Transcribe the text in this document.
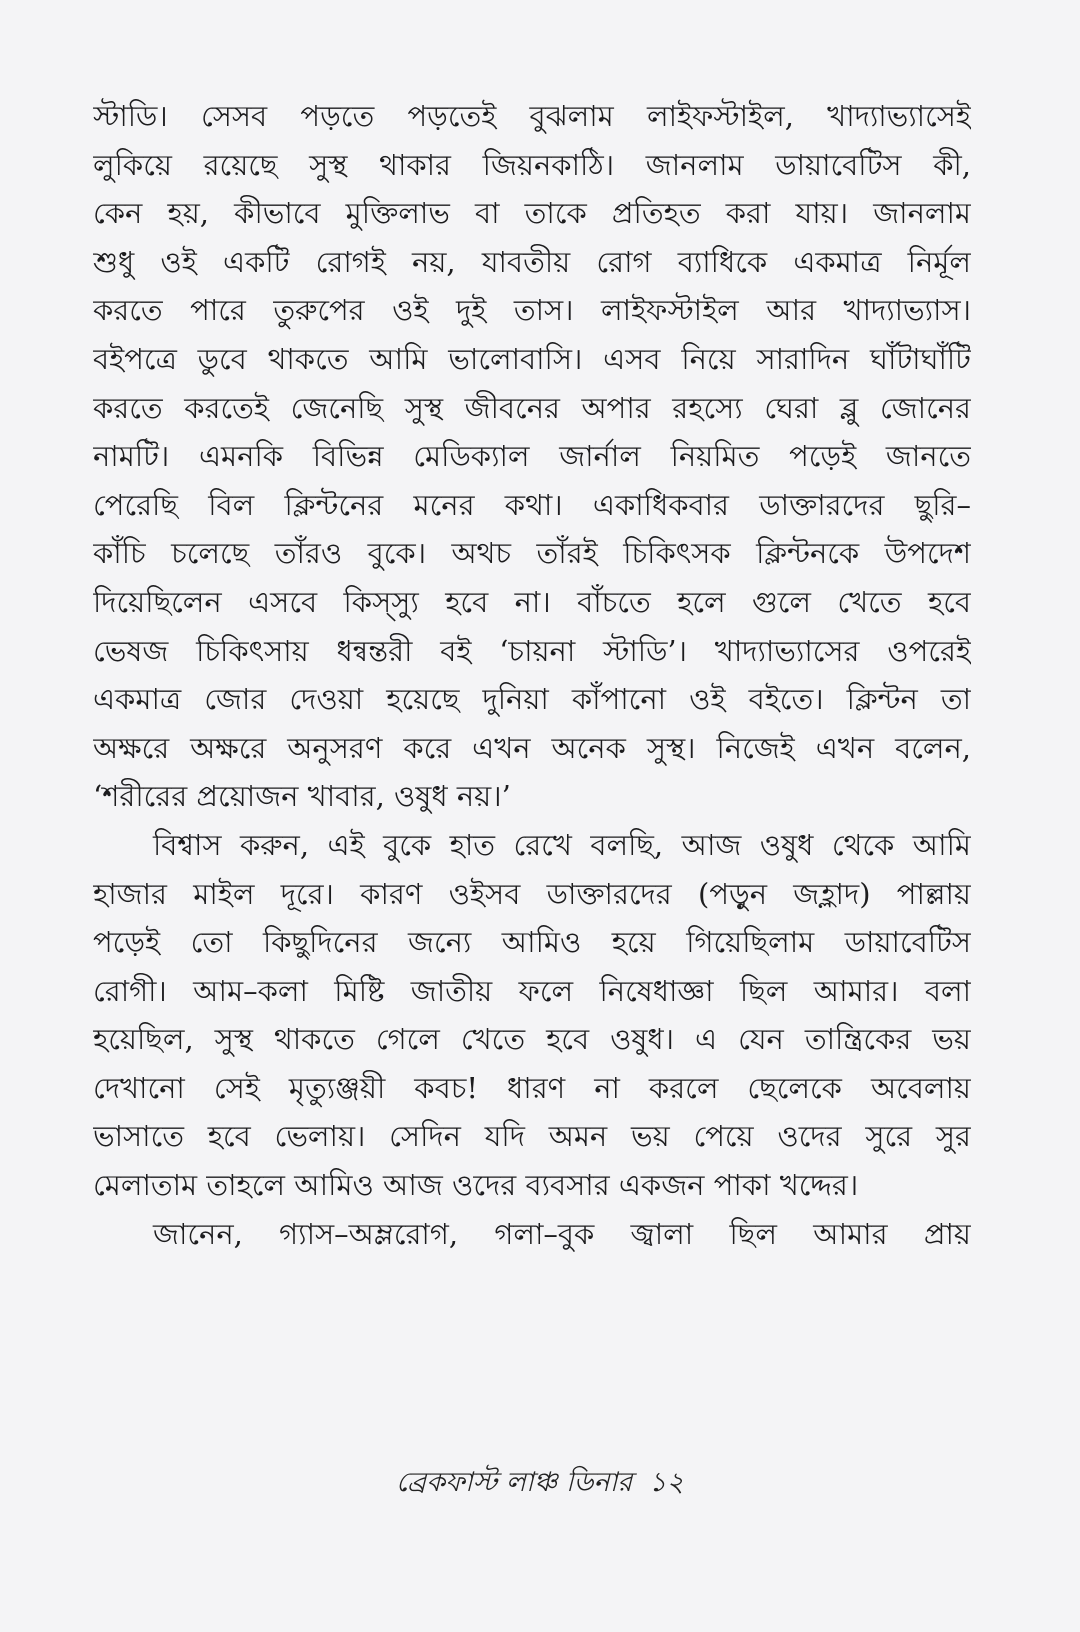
স্টাডি। সেসব পড়তে পড়তেই বুঝলাম লাইফস্টাইল, খাদ্যাভ্যাসেই
লুকিয়ে রয়েছে সুস্থ থাকার জিয়নকাঠি। জানলাম ডায়াবেটিস কী,
কেন হয়, কীভাবে মুক্তিলাভ বা তাকে প্রতিহত করা যায়। জানলাম
শুধু ওই একটি রোগই নয়, যাবতীয় রোগ ব্যাধিকে একমাত্র নির্মূল
করতে পারে তুরুপের ওই দুই তাস। লাইফস্টাইল আর খাদ্যাভ্যাস।
বইপত্রে ডুবে থাকতে আমি ভালোবাসি। এসব নিয়ে সারাদিন ঘাঁটাঘাঁটি
করতে করতেই জেনেছি সুস্থ জীবনের অপার রহস্যে ঘেরা ব্লু জোনের
নামটি। এমনকি বিভিন্ন মেডিক্যাল জার্নাল নিয়মিত পড়েই জানতে
পেরেছি বিল ক্লিন্টনের মনের কথা। একাধিকবার ডাক্তারদের ছুরি–
কাঁচি চলেছে তাঁরও বুকে। অথচ তাঁরই চিকিৎসক ক্লিন্টনকে উপদেশ
দিয়েছিলেন এসবে কিস্স্যু হবে না। বাঁচতে হলে গুলে খেতে হবে
ভেষজ চিকিৎসায় ধন্বন্তরী বই ‘চায়না স্টাডি’। খাদ্যাভ্যাসের ওপরেই
একমাত্র জোর দেওয়া হয়েছে দুনিয়া কাঁপানো ওই বইতে। ক্লিন্টন তা
অক্ষরে অক্ষরে অনুসরণ করে এখন অনেক সুস্থ। নিজেই এখন বলেন,
‘শরীরের প্রয়োজন খাবার, ওষুধ নয়।’
বিশ্বাস করুন, এই বুকে হাত রেখে বলছি, আজ ওষুধ থেকে আমি
হাজার মাইল দূরে। কারণ ওইসব ডাক্তারদের (পড়ুন জহ্লাদ) পাল্লায়
পড়েই তো কিছুদিনের জন্যে আমিও হয়ে গিয়েছিলাম ডায়াবেটিস
রোগী। আম–কলা মিষ্টি জাতীয় ফলে নিষেধাজ্ঞা ছিল আমার। বলা
হয়েছিল, সুস্থ থাকতে গেলে খেতে হবে ওষুধ। এ যেন তান্ত্রিকের ভয়
দেখানো সেই মৃত্যুঞ্জয়ী কবচ! ধারণ না করলে ছেলেকে অবেলায়
ভাসাতে হবে ভেলায়। সেদিন যদি অমন ভয় পেয়ে ওদের সুরে সুর
মেলাতাম তাহলে আমিও আজ ওদের ব্যবসার একজন পাকা খদ্দের।
জানেন, গ্যাস–অম্লরোগ, গলা–বুক জ্বালা ছিল আমার প্রায়
ব্রেকফাস্ট লাঞ্চ ডিনার ১২
